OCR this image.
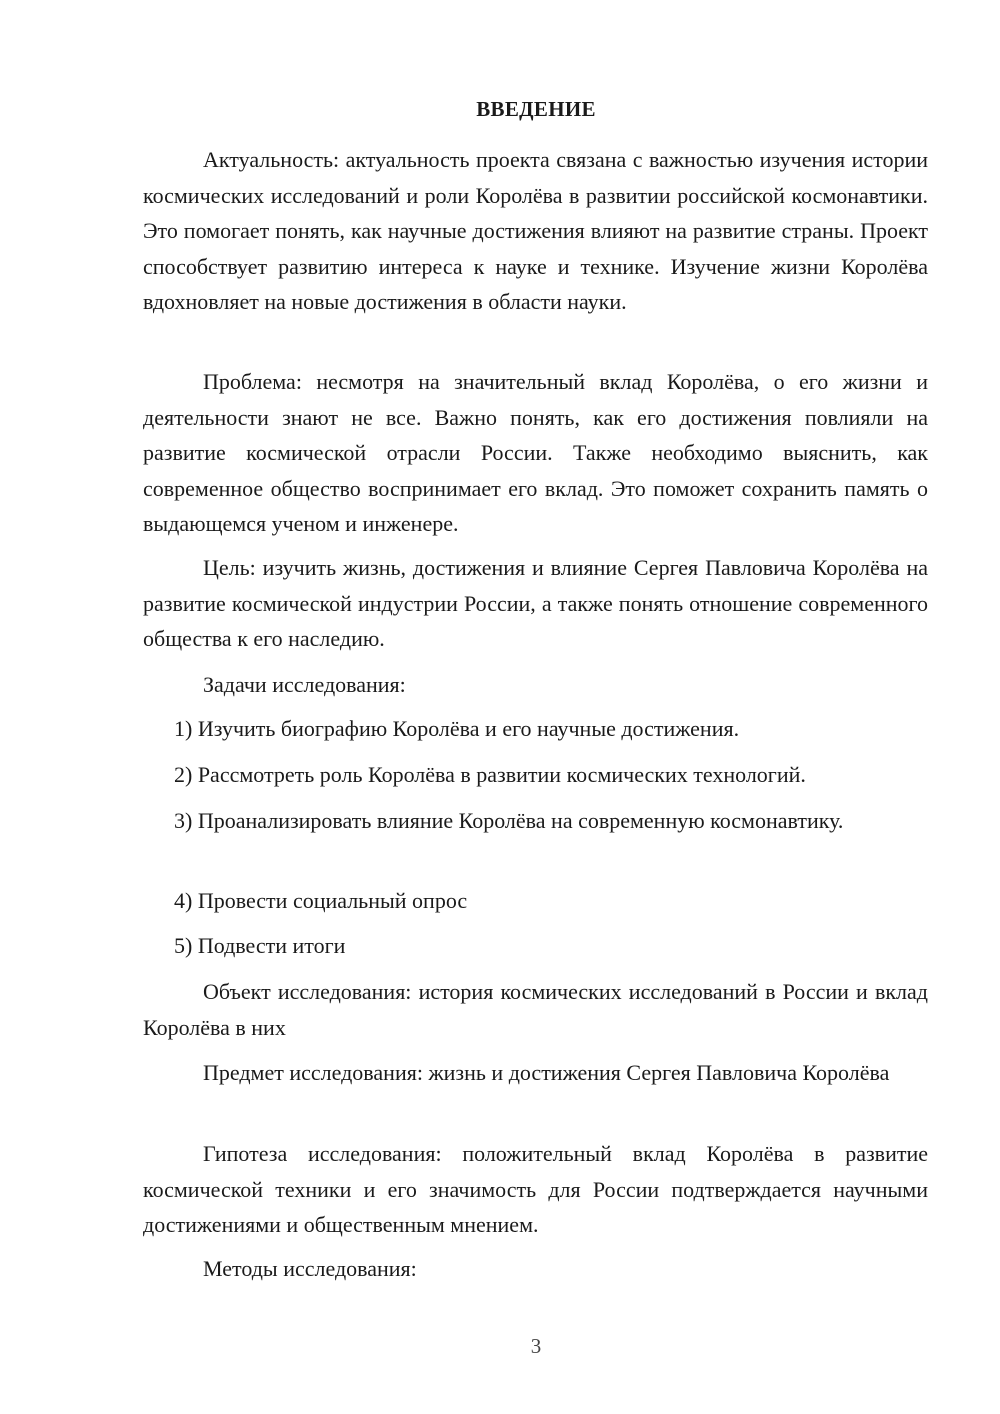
ВВЕДЕНИЕ

Актуальность: актуальность проекта связана с важностью изучения истории космических исследований и роли Королёва в развитии российской космонавтики. Это помогает понять, как научные достижения влияют на развитие страны. Проект способствует развитию интереса к науке и технике. Изучение жизни Королёва вдохновляет на новые достижения в области науки.

Проблема: несмотря на значительный вклад Королёва, о его жизни и деятельности знают не все. Важно понять, как его достижения повлияли на развитие космической отрасли России. Также необходимо выяснить, как современное общество воспринимает его вклад. Это поможет сохранить память о выдающемся ученом и инженере.

Цель: изучить жизнь, достижения и влияние Сергея Павловича Королёва на развитие космической индустрии России, а также понять отношение современного общества к его наследию.

Задачи исследования:

1) Изучить биографию Королёва и его научные достижения.

2) Рассмотреть роль Королёва в развитии космических технологий.

3) Проанализировать влияние Королёва на современную космонавтику.

4) Провести социальный опрос

5) Подвести итоги

Объект исследования: история космических исследований в России и вклад Королёва в них

Предмет исследования: жизнь и достижения Сергея Павловича Королёва

Гипотеза исследования: положительный вклад Королёва в развитие космической техники и его значимость для России подтверждается научными достижениями и общественным мнением.

Методы исследования:

3
